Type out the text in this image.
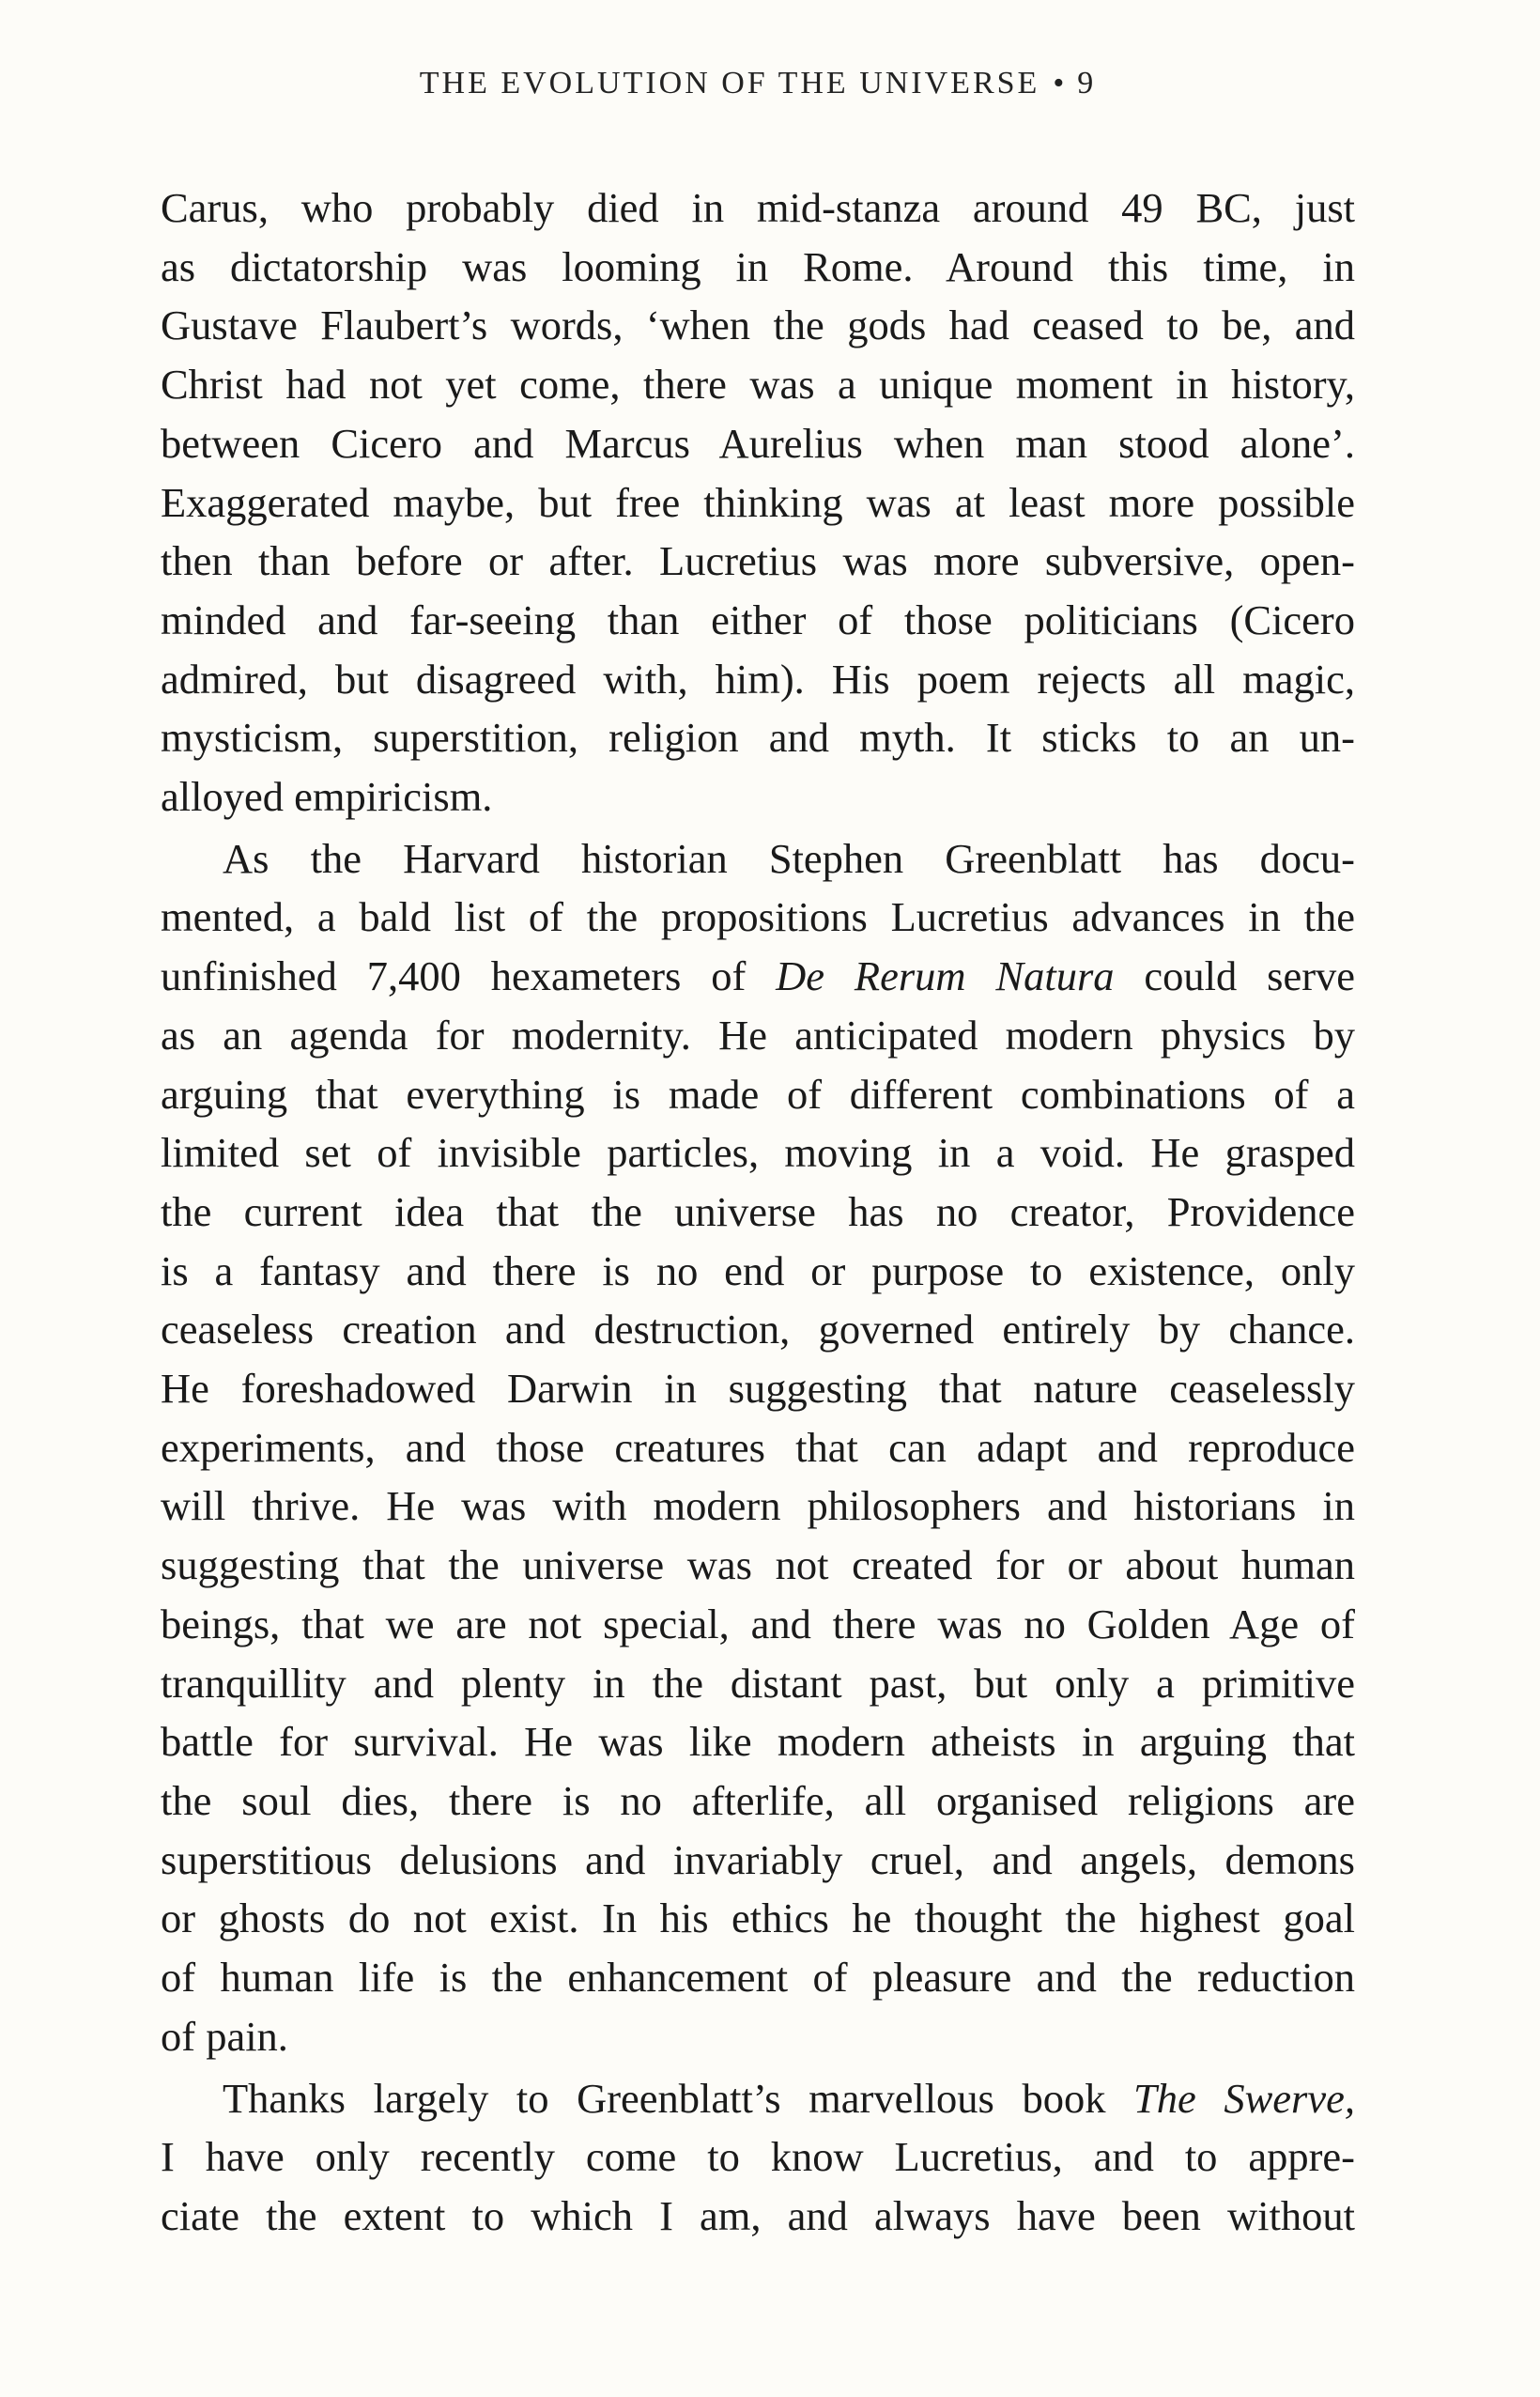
THE EVOLUTION OF THE UNIVERSE • 9

Carus, who probably died in mid-stanza around 49 BC, just
as dictatorship was looming in Rome. Around this time, in
Gustave Flaubert’s words, ‘when the gods had ceased to be, and
Christ had not yet come, there was a unique moment in history,
between Cicero and Marcus Aurelius when man stood alone’.
Exaggerated maybe, but free thinking was at least more possible
then than before or after. Lucretius was more subversive, open-
minded and far-seeing than either of those politicians (Cicero
admired, but disagreed with, him). His poem rejects all magic,
mysticism, superstition, religion and myth. It sticks to an un-
alloyed empiricism.

As the Harvard historian Stephen Greenblatt has docu-
mented, a bald list of the propositions Lucretius advances in the
unfinished 7,400 hexameters of De Rerum Natura could serve
as an agenda for modernity. He anticipated modern physics by
arguing that everything is made of different combinations of a
limited set of invisible particles, moving in a void. He grasped
the current idea that the universe has no creator, Providence
is a fantasy and there is no end or purpose to existence, only
ceaseless creation and destruction, governed entirely by chance.
He foreshadowed Darwin in suggesting that nature ceaselessly
experiments, and those creatures that can adapt and reproduce
will thrive. He was with modern philosophers and historians in
suggesting that the universe was not created for or about human
beings, that we are not special, and there was no Golden Age of
tranquillity and plenty in the distant past, but only a primitive
battle for survival. He was like modern atheists in arguing that
the soul dies, there is no afterlife, all organised religions are
superstitious delusions and invariably cruel, and angels, demons
or ghosts do not exist. In his ethics he thought the highest goal
of human life is the enhancement of pleasure and the reduction
of pain.

Thanks largely to Greenblatt’s marvellous book The Swerve,
I have only recently come to know Lucretius, and to appre-
ciate the extent to which I am, and always have been without
